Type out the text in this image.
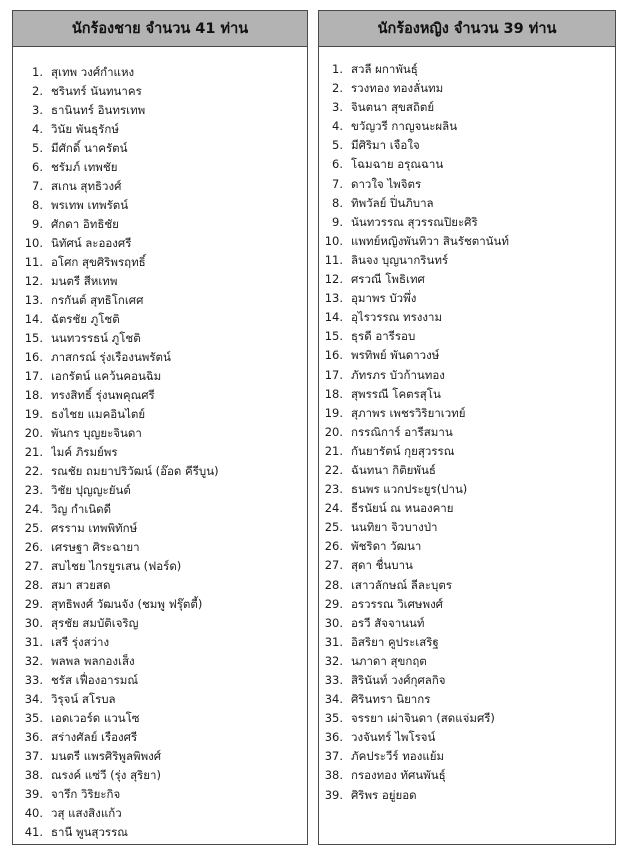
นักร้องชาย จำนวน 41 ท่าน
1. สุเทพ วงศ์กำแหง
2. ชรินทร์ นันทนาคร
3. ธานินทร์ อินทรเทพ
4. วินัย พันธุรักษ์
5. มีศักดิ์ นาครัตน์
6. ชรัมภ์ เทพชัย
7. สเกน สุทธิวงศ์
8. พรเทพ เทพรัตน์
9. ศักดา อิทธิชัย
10. นิทัศน์ ละอองศรี
11. อโศก สุขศิริพรฤทธิ์
12. มนตรี สีหเทพ
13. กรกันต์ สุทธิโกเศศ
14. ฉัตรชัย ภูโชติ
15. นนทวรรธน์ ภูโชติ
16. ภาสกรณ์ รุ่งเรืองนพรัตน์
17. เอกรัตน์ แคว้นคอนฉิม
18. ทรงสิทธิ์ รุ่งนพคุณศรี
19. ธงไชย แมคอินไตย์
20. พันกร บุญยะจินดา
21. ไมค์ ภิรมย์พร
22. รณชัย ถมยาปริวัฒน์ (อ๊อด คีรีบูน)
23. วิชัย ปุญญะยันต์
24. วิญ กำเนิดดี
25. ศรราม เทพพิทักษ์
26. เศรษฐา ศิระฉายา
27. สบไชย ไกรยูรเสน (ฟอร์ด)
28. สมา สวยสด
29. สุทธิพงศ์ วัฒนจัง (ชมพู ฟรุ๊ตตี้)
30. สุรชัย สมบัติเจริญ
31. เสรี รุ่งสว่าง
32. พลพล พลกองเส็ง
33. ชรัส เฟื่องอารมณ์
34. วิรุจน์ สโรบล
35. เอดเวอร์ด แวนโซ
36. สร่างศัลย์ เรืองศรี
37. มนตรี แพรศิริพูลพิพงศ์
38. ณรงค์ แซ่วี (รุ่ง สุริยา)
39. จารึก วิริยะกิจ
40. วสุ แสงสิงแก้ว
41. ธานี พูนสุวรรณ
นักร้องหญิง จำนวน 39 ท่าน
1. สวลี ผกาพันธุ์
2. รวงทอง ทองลั่นทม
3. จินตนา สุขสถิตย์
4. ขวัญวรี กาญจนะผลิน
5. มีศิริมา เจือใจ
6. โฉมฉาย อรุณฉาน
7. ดาวใจ ไพจิตร
8. ทิพวัลย์ ปิ่นภิบาล
9. นันทวรรณ สุวรรณปิยะศิริ
10. แพทย์หญิงพันทิวา สินรัชตานันท์
11. ลินจง บุญนากรินทร์
12. ศรวณี โพธิเทศ
13. อุมาพร บัวพึ่ง
14. อุไรวรรณ ทรงงาม
15. ธุรดี อารีรอบ
16. พรทิพย์ พันดาวงษ์
17. ภัทรภร บัวก้านทอง
18. สุพรรณี โคตรสุโน
19. สุภาพร เพชรวิริยาเวทย์
20. กรรณิการ์ อารีสมาน
21. กันยารัตน์ กุยสุวรรณ
22. ฉันทนา กิติยพันธ์
23. ธนพร แวกประยูร(ปาน)
24. ธีรนัยน์ ณ หนองคาย
25. นนทิยา จิวบางป่า
26. พัชริดา วัฒนา
27. สุดา ชื่นบาน
28. เสาวลักษณ์ ลีละบุตร
29. อรวรรณ วิเศษพงศ์
30. อรวี สัจจานนท์
31. อิสริยา คูประเสริฐ
32. นภาดา สุขกฤต
33. สิรินันท์ วงศ์กุศลกิจ
34. ศิรินทรา นิยากร
35. จรรยา เผ่าจินดา (สดแจ่มศรี)
36. วงจันทร์ ไพโรจน์
37. ภัคประวีร์ ทองแย้ม
38. กรองทอง ทัศนพันธุ์
39. ศิริพร อยู่ยอด
